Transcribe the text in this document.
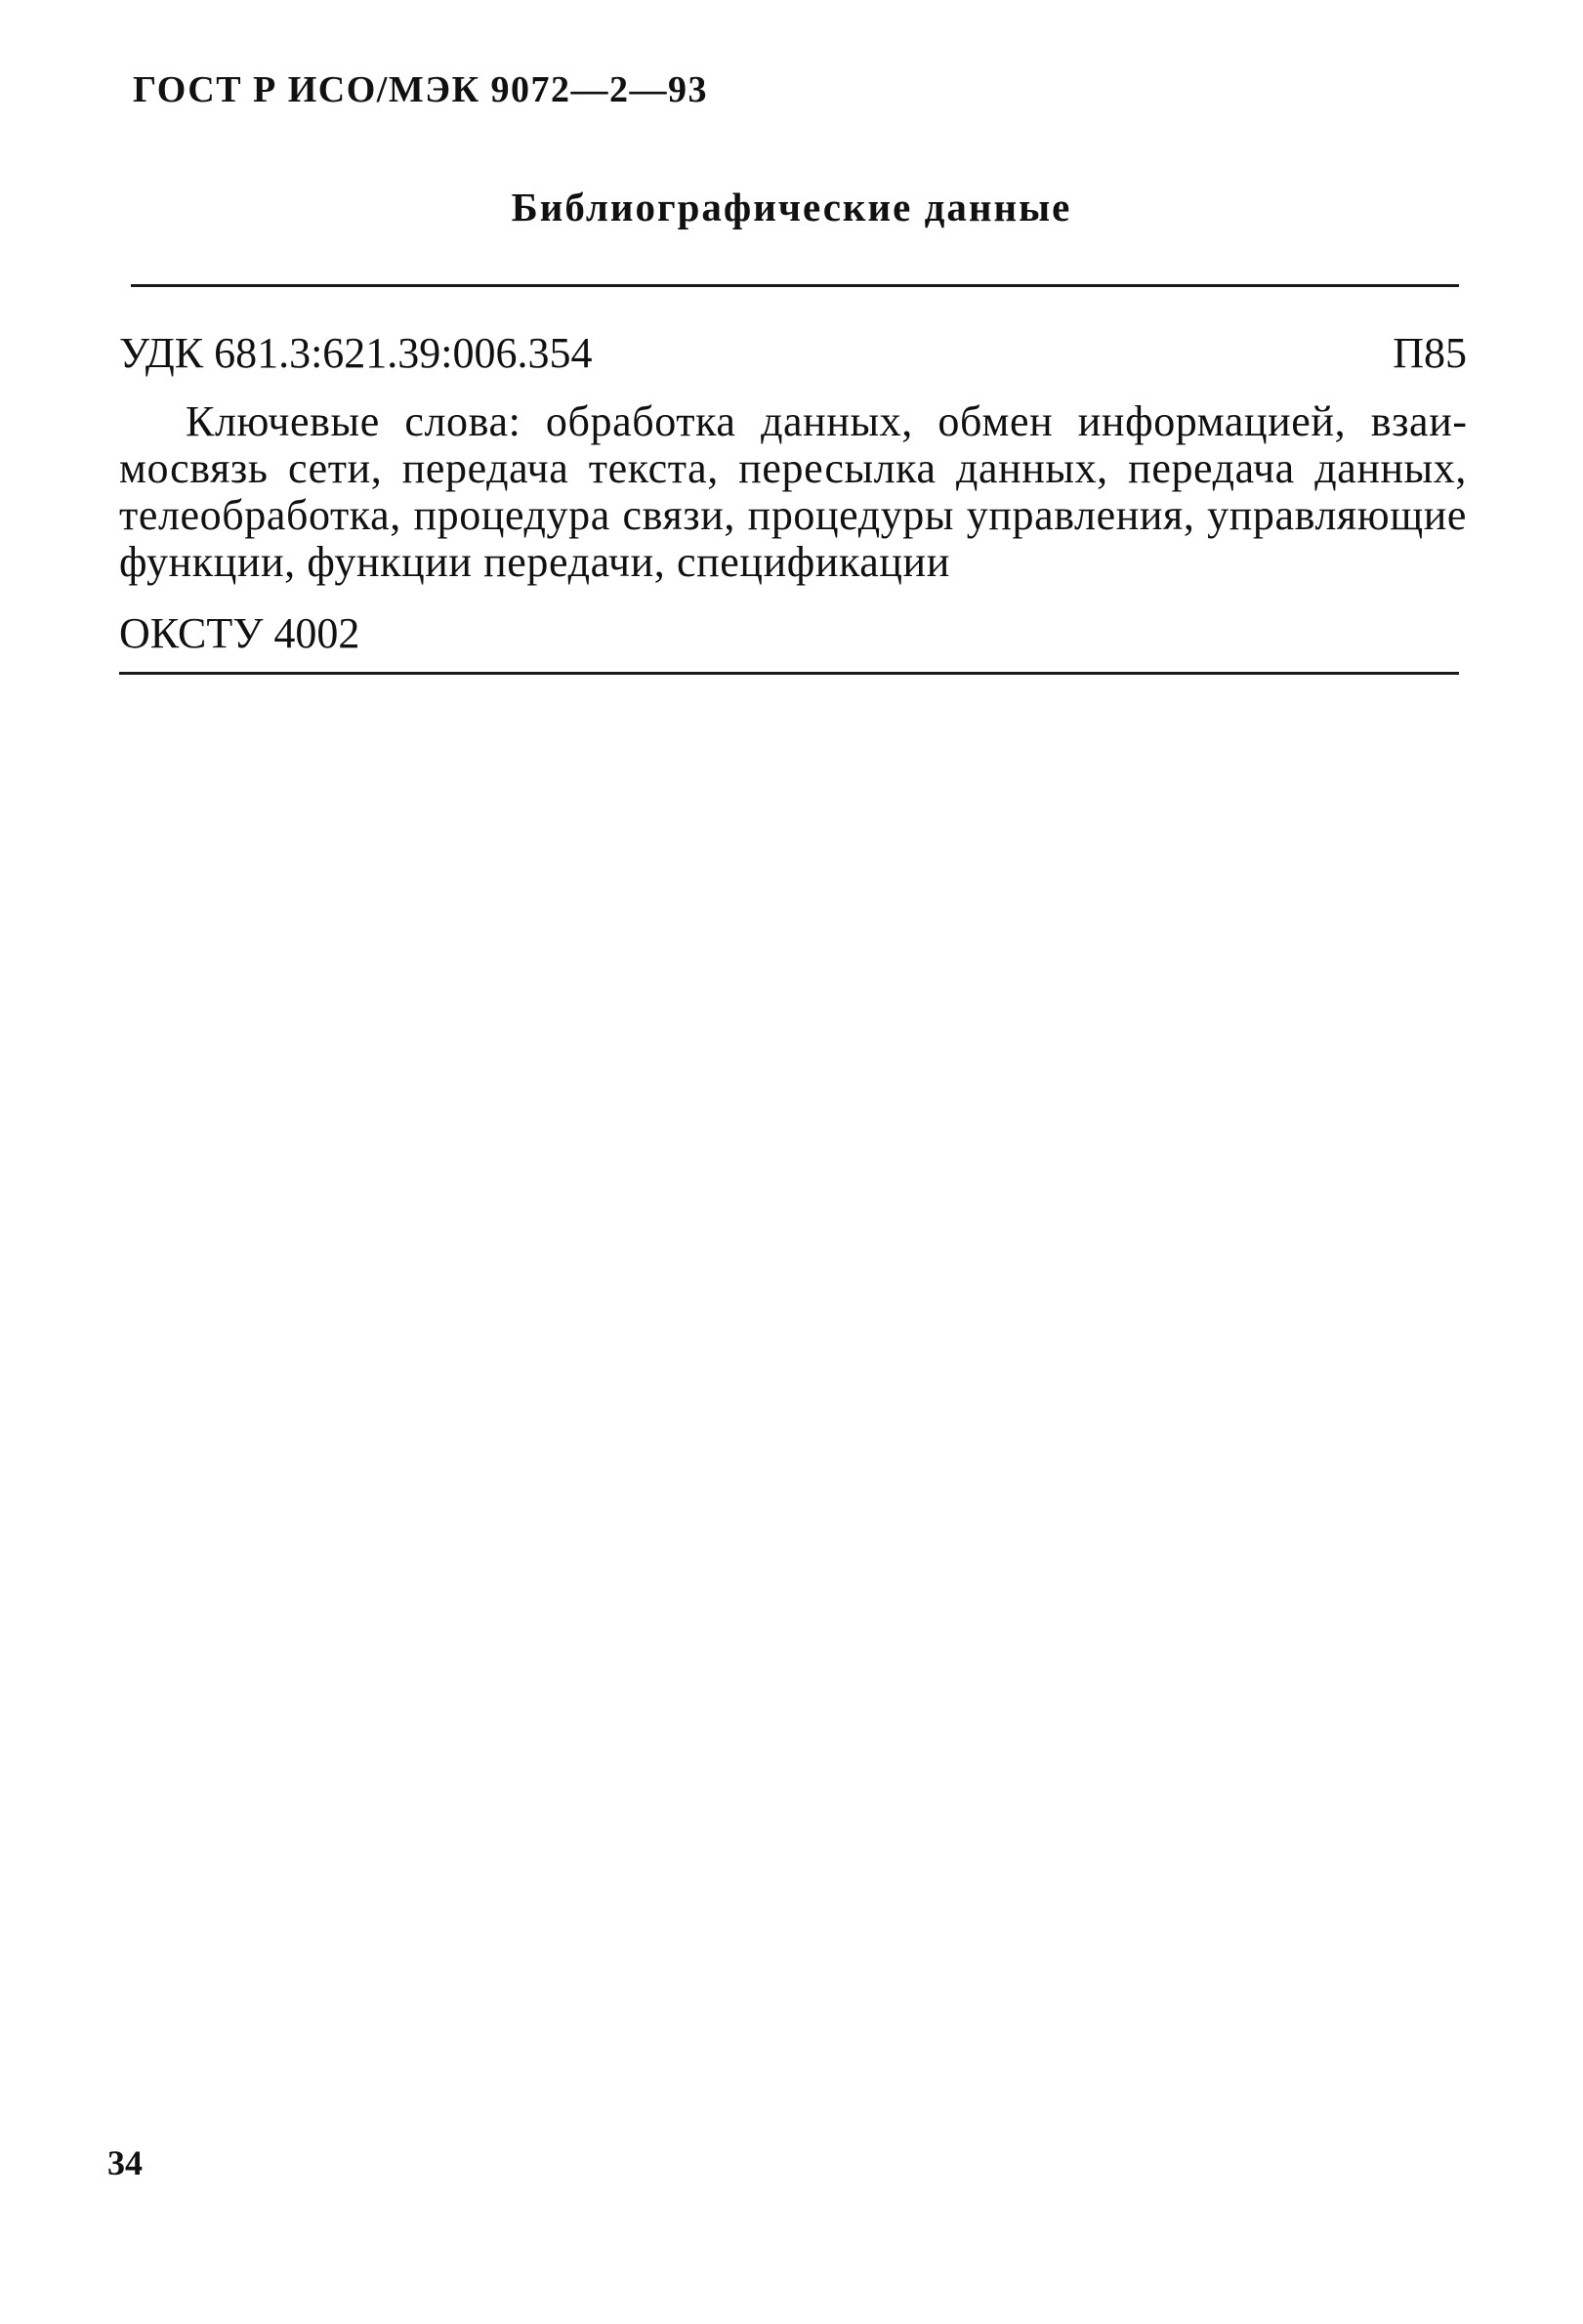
ГОСТ Р ИСО/МЭК 9072—2—93
Библиографические данные
УДК 681.3:621.39:006.354	П85
Ключевые слова: обработка данных, обмен информацией, взаимосвязь сети, передача текста, пересылка данных, передача данных, телеобработка, процедура связи, процедуры управления, управляющие функции, функции передачи, спецификации
ОКСТУ 4002
34
